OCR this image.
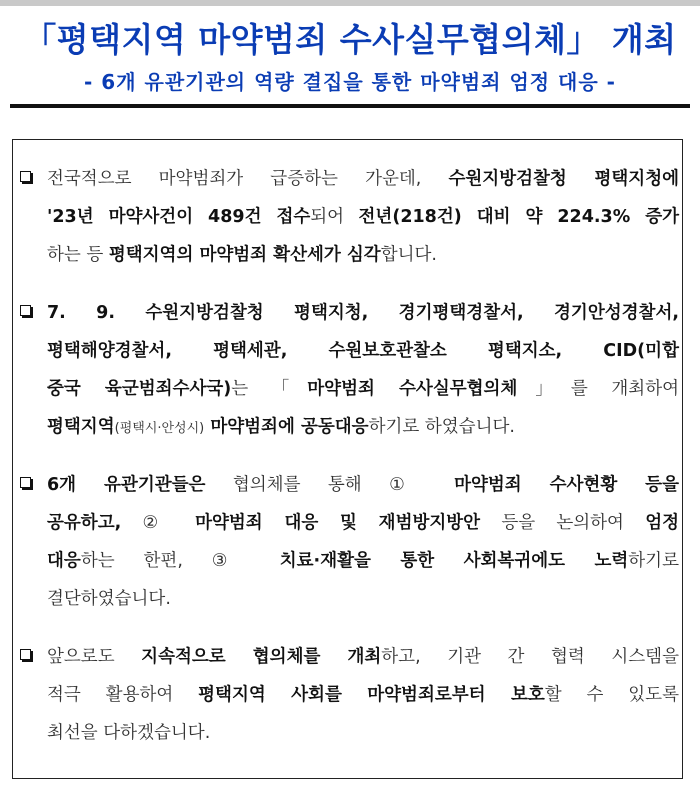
「평택지역 마약범죄 수사실무협의체」 개최
- 6개 유관기관의 역량 결집을 통한 마약범죄 엄정 대응 -
전국적으로 마약범죄가 급증하는 가운데, 수원지방검찰청 평택지청에
'23년 마약사건이 489건 접수되어 전년(218건) 대비 약 224.3% 증가
하는 등 평택지역의 마약범죄 확산세가 심각합니다.
7. 9. 수원지방검찰청 평택지청, 경기평택경찰서, 경기안성경찰서,
평택해양경찰서, 평택세관, 수원보호관찰소 평택지소, CID(미합
중국 육군범죄수사국)는 「마약범죄 수사실무협의체」를 개최하여
평택지역(평택시·안성시) 마약범죄에 공동대응하기로 하였습니다.
6개 유관기관들은 협의체를 통해 ① 마약범죄 수사현황 등을
공유하고, ② 마약범죄 대응 및 재범방지방안 등을 논의하여 엄정
대응하는 한편, ③ 치료·재활을 통한 사회복귀에도 노력하기로
결단하였습니다.
앞으로도 지속적으로 협의체를 개최하고, 기관 간 협력 시스템을
적극 활용하여 평택지역 사회를 마약범죄로부터 보호할 수 있도록
최선을 다하겠습니다.
